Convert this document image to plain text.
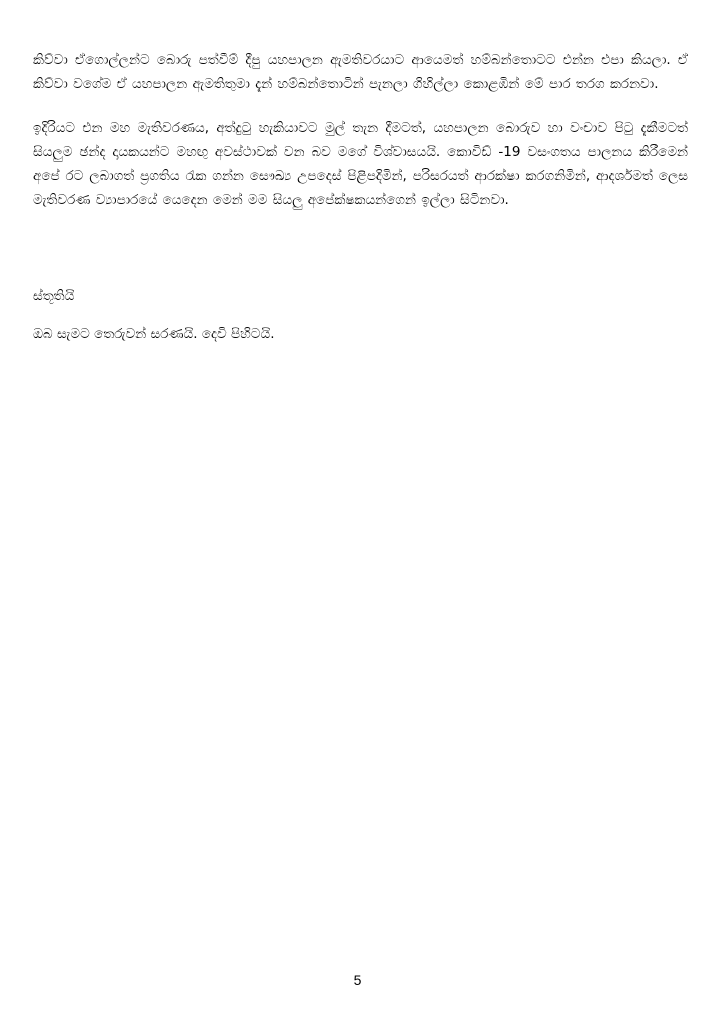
කිව්වා ඒගොල්ලන්ට බොරු පත්වීම් දීපු යහපාලන ඇමතිවරයාට ආයෙමත් හම්බන්තොටට එන්න එපා කියලා. ඒ කිව්වා වගේම ඒ යහපාලන ඇමතිතුමා දැන් හම්බන්තොටින් පැනලා ගිහිල්ලා කොළඹින් මේ පාර තරග කරනවා.

ඉදිරියට එන මහ මැතිවරණය, අත්දුටු හැකියාවට මුල් තැන දීමටත්, යහපාලන බොරුව හා වංචාව පිටු දැකීමටත් සියලුම ඡන්ද දායකයන්ට මහඟු අවස්ථාවක් වන බව මගේ විශ්වාසයයි. කොවිඩ් -19 වසංගතය පාලනය කිරීමෙන් අපේ රට ලබාගත් ප්‍රගතිය රැක ගන්න සෞඛ්‍ය උපදෙස් පිළිපදිමින්, පරිසරයත් ආරක්ෂා කරගනිමින්, ආදර්ශමත් ලෙස මැතිවරණ ව්‍යාපාරයේ යෙදෙන මෙන් මම සියලු අපේක්ෂකයන්ගෙන් ඉල්ලා සිටිනවා.

ස්තූතියි

ඔබ සැමට තෙරුවන් සරණයි. දෙවි පිහිටයි.

5
